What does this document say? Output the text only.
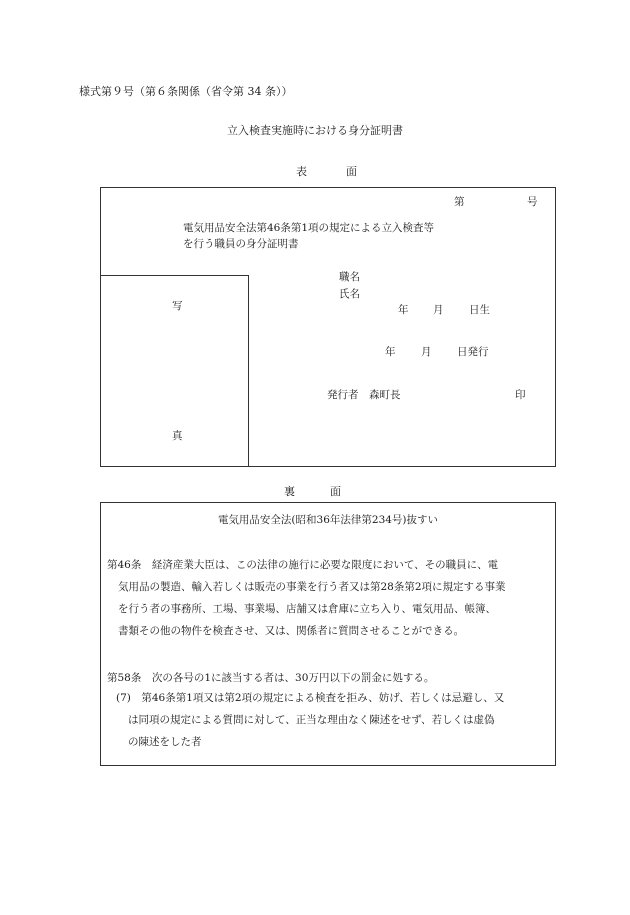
様式第９号（第６条関係（省令第 34 条））
立入検査実施時における身分証明書
表	面
第	号
電気用品安全法第46条第1項の規定による立入検査等
を行う職員の身分証明書
写
真
職名
氏名
年 月 日生
年 月 日発行
発行者　森町長	印
裏	面
電気用品安全法(昭和36年法律第234号)抜すい
第46条　経済産業大臣は、この法律の施行に必要な限度において、その職員に、電
気用品の製造、輸入若しくは販売の事業を行う者又は第28条第2項に規定する事業
を行う者の事務所、工場、事業場、店舗又は倉庫に立ち入り、電気用品、帳簿、
書類その他の物件を検査させ、又は、関係者に質問させることができる。
第58条　次の各号の1に該当する者は、30万円以下の罰金に処する。
(7)　第46条第1項又は第2項の規定による検査を拒み、妨げ、若しくは忌避し、又
は同項の規定による質問に対して、正当な理由なく陳述をせず、若しくは虚偽
の陳述をした者
